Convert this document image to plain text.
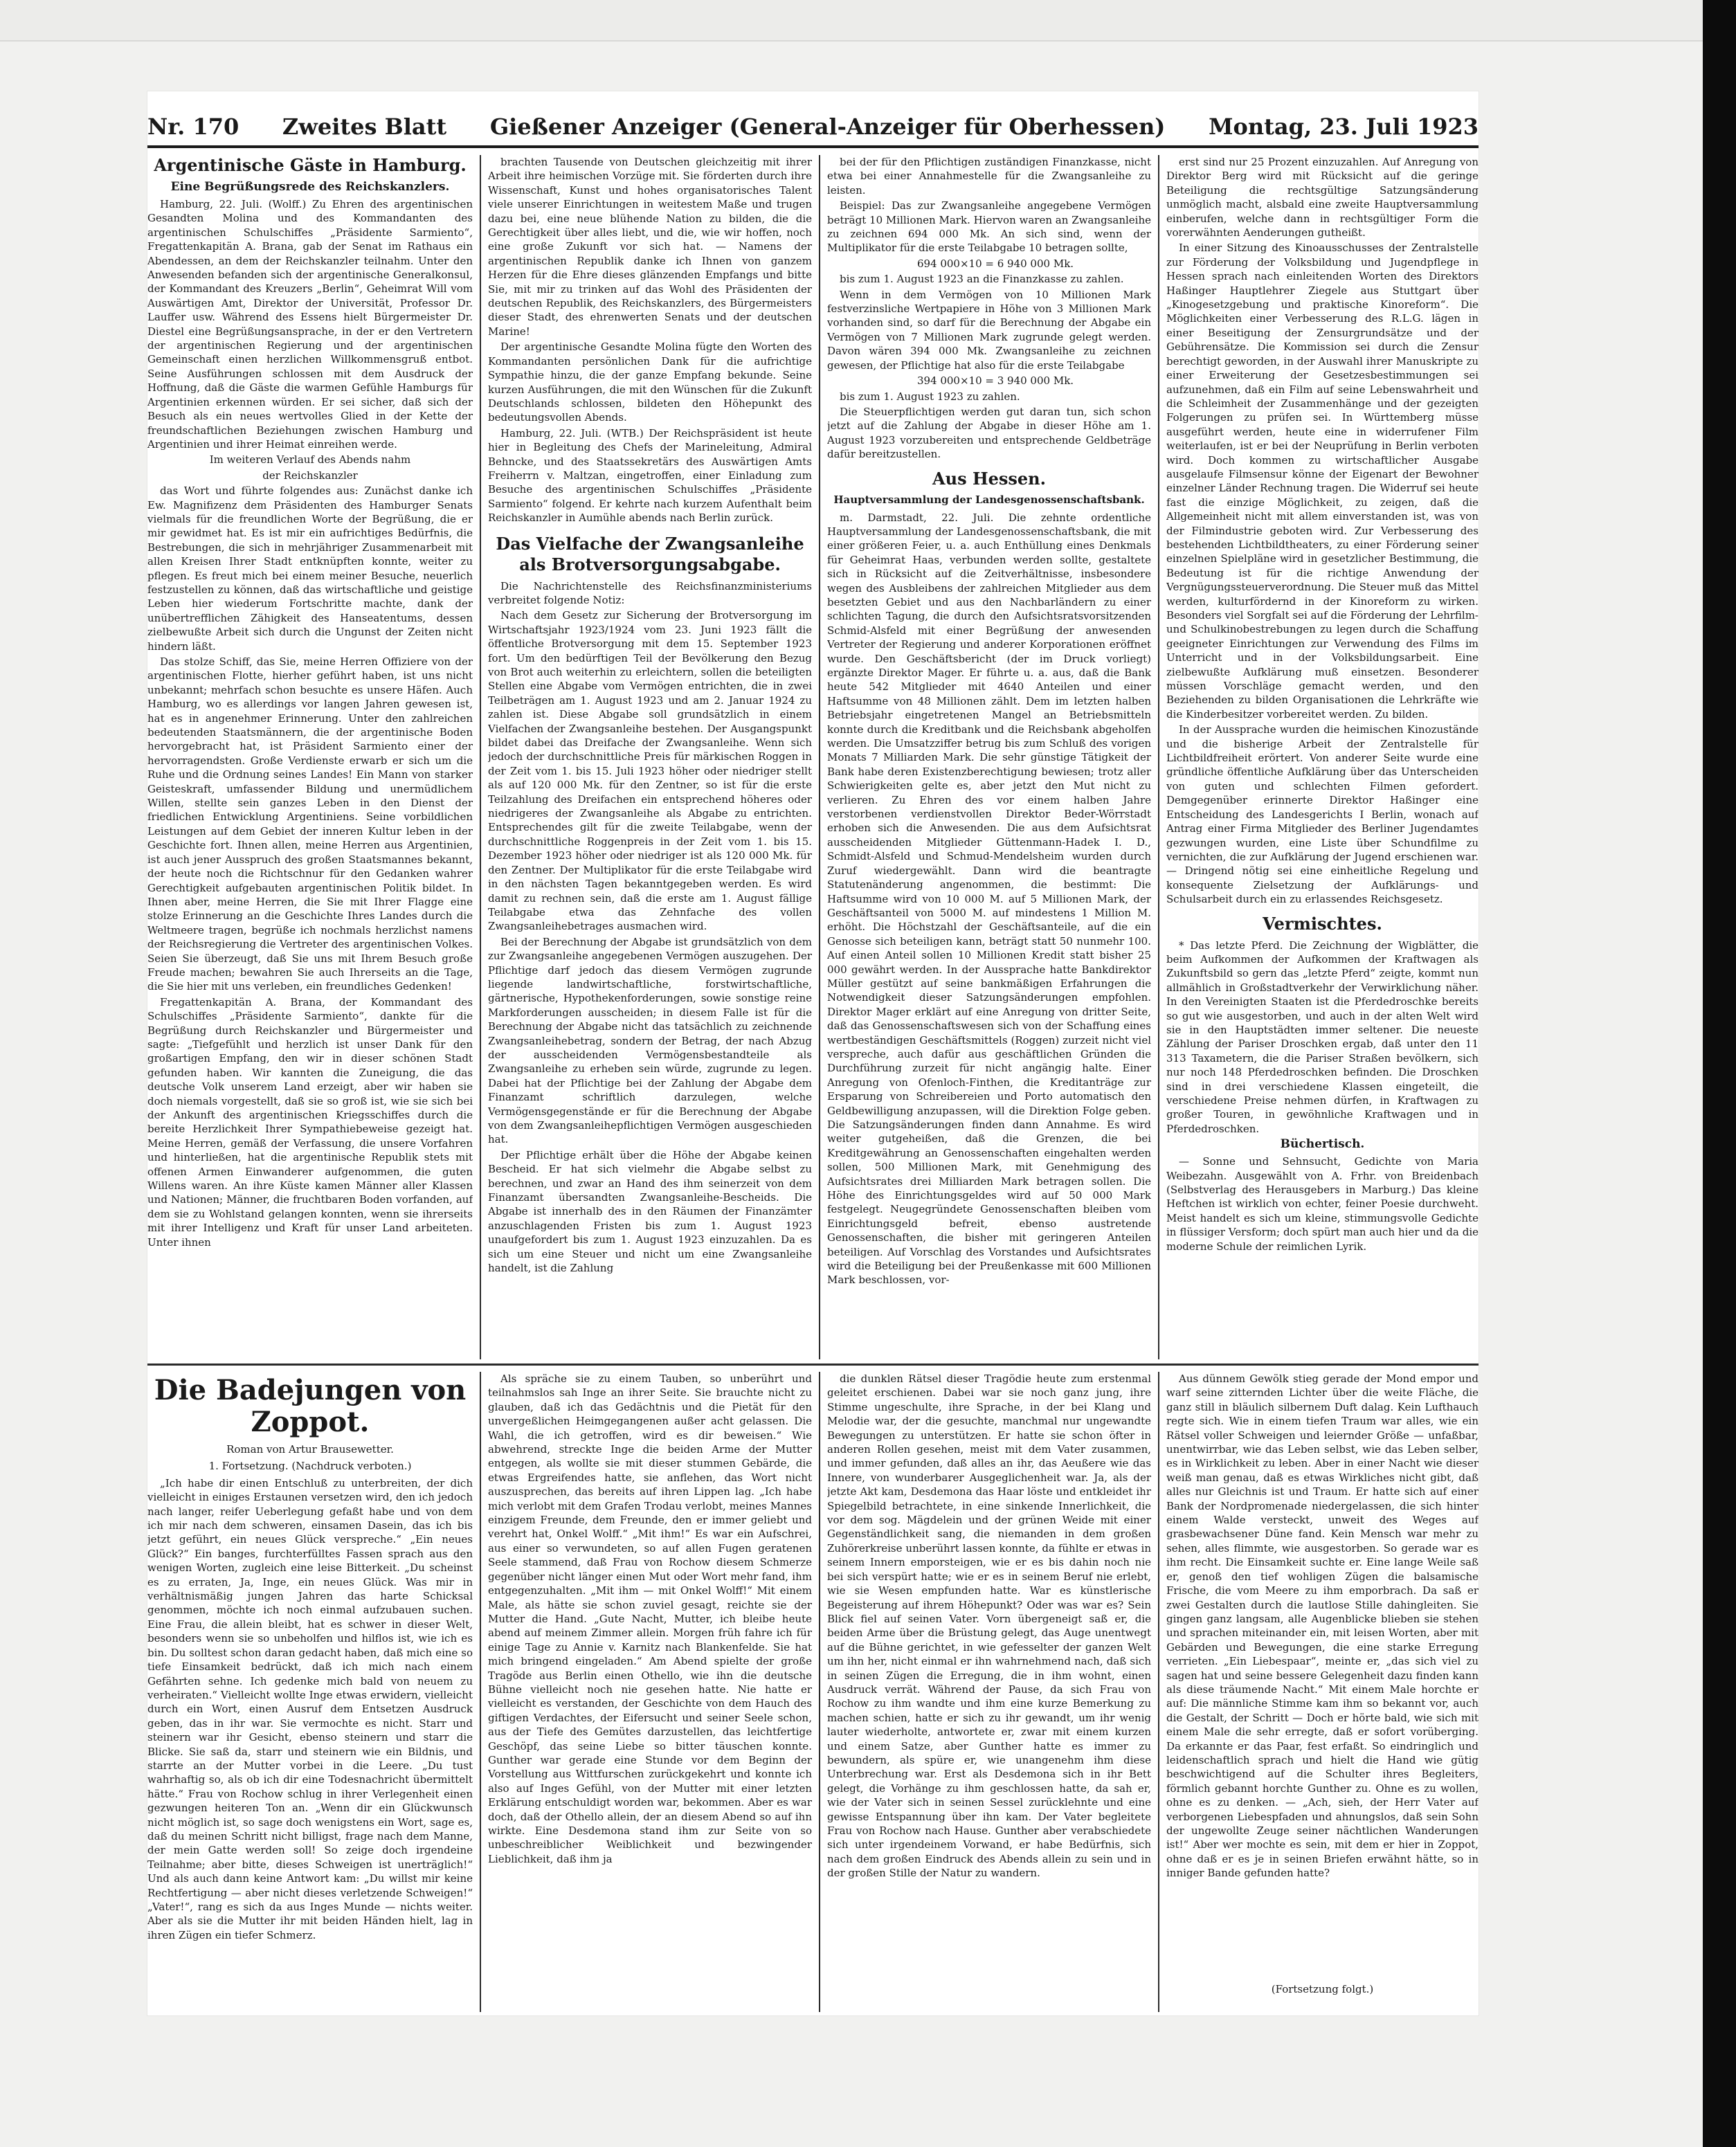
Nr. 170 Zweites Blatt Gießener Anzeiger (General-Anzeiger für Oberhessen) Montag, 23. Juli 1923
Argentinische Gäste in Hamburg.
Eine Begrüßungsrede des Reichskanzlers.

Hamburg, 22. Juli. (Wolff.) Zu Ehren des argentinischen Gesandten Molina und des Kommandanten des argentinischen Schulschiffes „Präsidente Sarmiento“, Fregattenkapitän A. Brana, gab der Senat im Rathaus ein Abendessen, an dem der Reichskanzler teilnahm. Unter den Anwesenden befanden sich der argentinische Generalkonsul, der Kommandant des Kreuzers „Berlin“, Geheimrat Will vom Auswärtigen Amt, Direktor der Universität, Professor Dr. Lauffer usw. Während des Essens hielt Bürgermeister Dr. Diestel eine Begrüßungsansprache, in der er den Vertretern der argentinischen Regierung und der argentinischen Gemeinschaft einen herzlichen Willkommensgruß entbot. Seine Ausführungen schlossen mit dem Ausdruck der Hoffnung, daß die Gäste die warmen Gefühle Hamburgs für Argentinien erkennen würden. Er sei sicher, daß sich der Besuch als ein neues wertvolles Glied in der Kette der freundschaftlichen Beziehungen zwischen Hamburg und Argentinien und ihrer Heimat einreihen werde.

Im weiteren Verlauf des Abends nahm

der Reichskanzler

das Wort und führte folgendes aus: Zunächst danke ich Ew. Magnifizenz dem Präsidenten des Hamburger Senats vielmals für die freundlichen Worte der Begrüßung, die er mir gewidmet hat. Es ist mir ein aufrichtiges Bedürfnis, die Bestrebungen, die sich in mehrjähriger Zusammenarbeit mit allen Kreisen Ihrer Stadt entknüpften konnte, weiter zu pflegen. Es freut mich bei einem meiner Besuche, neuerlich festzustellen zu können, daß das wirtschaftliche und geistige Leben hier wiederum Fortschritte machte, dank der unübertrefflichen Zähigkeit des Hanseatentums, dessen zielbewußte Arbeit sich durch die Ungunst der Zeiten nicht hindern läßt.

Das stolze Schiff, das Sie, meine Herren Offiziere von der argentinischen Flotte, hierher geführt haben, ist uns nicht unbekannt; mehrfach schon besuchte es unsere Häfen. Auch Hamburg, wo es allerdings vor langen Jahren gewesen ist, hat es in angenehmer Erinnerung. Unter den zahlreichen bedeutenden Staatsmännern, die der argentinische Boden hervorgebracht hat, ist Präsident Sarmiento einer der hervorragendsten. Große Verdienste erwarb er sich um die Ruhe und die Ordnung seines Landes! Ein Mann von starker Geisteskraft, umfassender Bildung und unermüdlichem Willen, stellte sein ganzes Leben in den Dienst der friedlichen Entwicklung Argentiniens. Seine vorbildlichen Leistungen auf dem Gebiet der inneren Kultur leben in der Geschichte fort. Ihnen allen, meine Herren aus Argentinien, ist auch jener Ausspruch des großen Staatsmannes bekannt, der heute noch die Richtschnur für den Gedanken wahrer Gerechtigkeit aufgebauten argentinischen Politik bildet. In Ihnen aber, meine Herren, die Sie mit Ihrer Flagge eine stolze Erinnerung an die Geschichte Ihres Landes durch die Weltmeere tragen, begrüße ich nochmals herzlichst namens der Reichsregierung die Vertreter des argentinischen Volkes. Seien Sie überzeugt, daß Sie uns mit Ihrem Besuch große Freude machen; bewahren Sie auch Ihrerseits an die Tage, die Sie hier mit uns verleben, ein freundliches Gedenken!

Fregattenkapitän A. Brana, der Kommandant des Schulschiffes „Präsidente Sarmiento“, dankte für die Begrüßung durch Reichskanzler und Bürgermeister und sagte: „Tiefgefühlt und herzlich ist unser Dank für den großartigen Empfang, den wir in dieser schönen Stadt gefunden haben. Wir kannten die Zuneigung, die das deutsche Volk unserem Land erzeigt, aber wir haben sie doch niemals vorgestellt, daß sie so groß ist, wie sie sich bei der Ankunft des argentinischen Kriegsschiffes durch die bereite Herzlichkeit Ihrer Sympathiebeweise gezeigt hat. Meine Herren, gemäß der Verfassung, die unsere Vorfahren und hinterließen, hat die argentinische Republik stets mit offenen Armen Einwanderer aufgenommen, die guten Willens waren. An ihre Küste kamen Männer aller Klassen und Nationen; Männer, die fruchtbaren Boden vorfanden, auf dem sie zu Wohlstand gelangen konnten, wenn sie ihrerseits mit ihrer Intelligenz und Kraft für unser Land arbeiteten. Unter ihnen

brachten Tausende von Deutschen gleichzeitig mit ihrer Arbeit ihre heimischen Vorzüge mit. Sie förderten durch ihre Wissenschaft, Kunst und hohes organisatorisches Talent viele unserer Einrichtungen in weitestem Maße und trugen dazu bei, eine neue blühende Nation zu bilden, die die Gerechtigkeit über alles liebt, und die, wie wir hoffen, noch eine große Zukunft vor sich hat. — Namens der argentinischen Republik danke ich Ihnen von ganzem Herzen für die Ehre dieses glänzenden Empfangs und bitte Sie, mit mir zu trinken auf das Wohl des Präsidenten der deutschen Republik, des Reichskanzlers, des Bürgermeisters dieser Stadt, des ehrenwerten Senats und der deutschen Marine!

Der argentinische Gesandte Molina fügte den Worten des Kommandanten persönlichen Dank für die aufrichtige Sympathie hinzu, die der ganze Empfang bekunde. Seine kurzen Ausführungen, die mit den Wünschen für die Zukunft Deutschlands schlossen, bildeten den Höhepunkt des bedeutungsvollen Abends.

Hamburg, 22. Juli. (WTB.) Der Reichspräsident ist heute hier in Begleitung des Chefs der Marineleitung, Admiral Behncke, und des Staatssekretärs des Auswärtigen Amts Freiherrn v. Maltzan, eingetroffen, einer Einladung zum Besuche des argentinischen Schulschiffes „Präsidente Sarmiento“ folgend. Er kehrte nach kurzem Aufenthalt beim Reichskanzler in Aumühle abends nach Berlin zurück.

Das Vielfache der Zwangsanleihe als Brotversorgungsabgabe.

Die Nachrichtenstelle des Reichsfinanzministeriums verbreitet folgende Notiz:

Nach dem Gesetz zur Sicherung der Brotversorgung im Wirtschaftsjahr 1923/1924 vom 23. Juni 1923 fällt die öffentliche Brotversorgung mit dem 15. September 1923 fort. Um den bedürftigen Teil der Bevölkerung den Bezug von Brot auch weiterhin zu erleichtern, sollen die beteiligten Stellen eine Abgabe vom Vermögen entrichten, die in zwei Teilbeträgen am 1. August 1923 und am 2. Januar 1924 zu zahlen ist. Diese Abgabe soll grundsätzlich in einem Vielfachen der Zwangsanleihe bestehen. Der Ausgangspunkt bildet dabei das Dreifache der Zwangsanleihe. Wenn sich jedoch der durchschnittliche Preis für märkischen Roggen in der Zeit vom 1. bis 15. Juli 1923 höher oder niedriger stellt als auf 120 000 Mk. für den Zentner, so ist für die erste Teilzahlung des Dreifachen ein entsprechend höheres oder niedrigeres der Zwangsanleihe als Abgabe zu entrichten. Entsprechendes gilt für die zweite Teilabgabe, wenn der durchschnittliche Roggenpreis in der Zeit vom 1. bis 15. Dezember 1923 höher oder niedriger ist als 120 000 Mk. für den Zentner. Der Multiplikator für die erste Teilabgabe wird in den nächsten Tagen bekanntgegeben werden. Es wird damit zu rechnen sein, daß die erste am 1. August fällige Teilabgabe etwa das Zehnfache des vollen Zwangsanleihebetrages ausmachen wird.

Bei der Berechnung der Abgabe ist grundsätzlich von dem zur Zwangsanleihe angegebenen Vermögen auszugehen. Der Pflichtige darf jedoch das diesem Vermögen zugrunde liegende landwirtschaftliche, forstwirtschaftliche, gärtnerische, Hypothekenforderungen, sowie sonstige reine Markforderungen ausscheiden; in diesem Falle ist für die Berechnung der Abgabe nicht das tatsächlich zu zeichnende Zwangsanleihebetrag, sondern der Betrag, der nach Abzug der ausscheidenden Vermögensbestandteile als Zwangsanleihe zu erheben sein würde, zugrunde zu legen. Dabei hat der Pflichtige bei der Zahlung der Abgabe dem Finanzamt schriftlich darzulegen, welche Vermögensgegenstände er für die Berechnung der Abgabe von dem Zwangsanleihepflichtigen Vermögen ausgeschieden hat.

Der Pflichtige erhält über die Höhe der Abgabe keinen Bescheid. Er hat sich vielmehr die Abgabe selbst zu berechnen, und zwar an Hand des ihm seinerzeit von dem Finanzamt übersandten Zwangsanleihe-Bescheids. Die Abgabe ist innerhalb des in den Räumen der Finanzämter anzuschlagenden Fristen bis zum 1. August 1923 unaufgefordert bis zum 1. August 1923 einzuzahlen. Da es sich um eine Steuer und nicht um eine Zwangsanleihe handelt, ist die Zahlung

bei der für den Pflichtigen zuständigen Finanzkasse, nicht etwa bei einer Annahmestelle für die Zwangsanleihe zu leisten.

Beispiel: Das zur Zwangsanleihe angegebene Vermögen beträgt 10 Millionen Mark. Hiervon waren an Zwangsanleihe zu zeichnen 694 000 Mk. An sich sind, wenn der Multiplikator für die erste Teilabgabe 10 betragen sollte,

694 000×10 = 6 940 000 Mk.

bis zum 1. August 1923 an die Finanzkasse zu zahlen.

Wenn in dem Vermögen von 10 Millionen Mark festverzinsliche Wertpapiere in Höhe von 3 Millionen Mark vorhanden sind, so darf für die Berechnung der Abgabe ein Vermögen von 7 Millionen Mark zugrunde gelegt werden. Davon wären 394 000 Mk. Zwangsanleihe zu zeichnen gewesen, der Pflichtige hat also für die erste Teilabgabe

394 000×10 = 3 940 000 Mk.

bis zum 1. August 1923 zu zahlen.

Die Steuerpflichtigen werden gut daran tun, sich schon jetzt auf die Zahlung der Abgabe in dieser Höhe am 1. August 1923 vorzubereiten und entsprechende Geldbeträge dafür bereitzustellen.

Aus Hessen.
Hauptversammlung der Landesgenossenschaftsbank.

m. Darmstadt, 22. Juli. Die zehnte ordentliche Hauptversammlung der Landesgenossenschaftsbank, die mit einer größeren Feier, u. a. auch Enthüllung eines Denkmals für Geheimrat Haas, verbunden werden sollte, gestaltete sich in Rücksicht auf die Zeitverhältnisse, insbesondere wegen des Ausbleibens der zahlreichen Mitglieder aus dem besetzten Gebiet und aus den Nachbarländern zu einer schlichten Tagung, die durch den Aufsichtsratsvorsitzenden Schmid-Alsfeld mit einer Begrüßung der anwesenden Vertreter der Regierung und anderer Korporationen eröffnet wurde. Den Geschäftsbericht (der im Druck vorliegt) ergänzte Direktor Mager. Er führte u. a. aus, daß die Bank heute 542 Mitglieder mit 4640 Anteilen und einer Haftsumme von 48 Millionen zählt. Dem im letzten halben Betriebsjahr eingetretenen Mangel an Betriebsmitteln konnte durch die Kreditbank und die Reichsbank abgeholfen werden. Die Umsatzziffer betrug bis zum Schluß des vorigen Monats 7 Milliarden Mark. Die sehr günstige Tätigkeit der Bank habe deren Existenzberechtigung bewiesen; trotz aller Schwierigkeiten gelte es, aber jetzt den Mut nicht zu verlieren. Zu Ehren des vor einem halben Jahre verstorbenen verdienstvollen Direktor Beder-Wörrstadt erhoben sich die Anwesenden. Die aus dem Aufsichtsrat ausscheidenden Mitglieder Güttenmann-Hadek I. D., Schmidt-Alsfeld und Schmud-Mendelsheim wurden durch Zuruf wiedergewählt. Dann wird die beantragte Statutenänderung angenommen, die bestimmt: Die Haftsumme wird von 10 000 M. auf 5 Millionen Mark, der Geschäftsanteil von 5000 M. auf mindestens 1 Million M. erhöht. Die Höchstzahl der Geschäftsanteile, auf die ein Genosse sich beteiligen kann, beträgt statt 50 nunmehr 100. Auf einen Anteil sollen 10 Millionen Kredit statt bisher 25 000 gewährt werden. In der Aussprache hatte Bankdirektor Müller gestützt auf seine bankmäßigen Erfahrungen die Notwendigkeit dieser Satzungsänderungen empfohlen. Direktor Mager erklärt auf eine Anregung von dritter Seite, daß das Genossenschaftswesen sich von der Schaffung eines wertbeständigen Geschäftsmittels (Roggen) zurzeit nicht viel verspreche, auch dafür aus geschäftlichen Gründen die Durchführung zurzeit für nicht angängig halte. Einer Anregung von Ofenloch-Finthen, die Kreditanträge zur Ersparung von Schreibereien und Porto automatisch den Geldbewilligung anzupassen, will die Direktion Folge geben. Die Satzungsänderungen finden dann Annahme. Es wird weiter gutgeheißen, daß die Grenzen, die bei Kreditgewährung an Genossenschaften eingehalten werden sollen, 500 Millionen Mark, mit Genehmigung des Aufsichtsrates drei Milliarden Mark betragen sollen. Die Höhe des Einrichtungsgeldes wird auf 50 000 Mark festgelegt. Neugegründete Genossenschaften bleiben vom Einrichtungsgeld befreit, ebenso austretende Genossenschaften, die bisher mit geringeren Anteilen beteiligen. Auf Vorschlag des Vorstandes und Aufsichtsrates wird die Beteiligung bei der Preußenkasse mit 600 Millionen Mark beschlossen, vor-

erst sind nur 25 Prozent einzuzahlen. Auf Anregung von Direktor Berg wird mit Rücksicht auf die geringe Beteiligung die rechtsgültige Satzungsänderung unmöglich macht, alsbald eine zweite Hauptversammlung einberufen, welche dann in rechtsgültiger Form die vorerwähnten Aenderungen gutheißt.

In einer Sitzung des Kinoausschusses der Zentralstelle zur Förderung der Volksbildung und Jugendpflege in Hessen sprach nach einleitenden Worten des Direktors Haßinger Hauptlehrer Ziegele aus Stuttgart über „Kinogesetzgebung und praktische Kinoreform“. Die Möglichkeiten einer Verbesserung des R.L.G. lägen in einer Beseitigung der Zensurgrundsätze und der Gebührensätze. Die Kommission sei durch die Zensur berechtigt geworden, in der Auswahl ihrer Manuskripte zu einer Erweiterung der Gesetzesbestimmungen sei aufzunehmen, daß ein Film auf seine Lebenswahrheit und die Schleimheit der Zusammenhänge und der gezeigten Folgerungen zu prüfen sei. In Württemberg müsse ausgeführt werden, heute eine in widerrufener Film weiterlaufen, ist er bei der Neuprüfung in Berlin verboten wird. Doch kommen zu wirtschaftlicher Ausgabe ausgelaufe Filmsensur könne der Eigenart der Bewohner einzelner Länder Rechnung tragen. Die Widerruf sei heute fast die einzige Möglichkeit, zu zeigen, daß die Allgemeinheit nicht mit allem einverstanden ist, was von der Filmindustrie geboten wird. Zur Verbesserung des bestehenden Lichtbildtheaters, zu einer Förderung seiner einzelnen Spielpläne wird in gesetzlicher Bestimmung, die Bedeutung ist für die richtige Anwendung der Vergnügungssteuerverordnung. Die Steuer muß das Mittel werden, kulturfördernd in der Kinoreform zu wirken. Besonders viel Sorgfalt sei auf die Förderung der Lehrfilm- und Schulkinobestrebungen zu legen durch die Schaffung geeigneter Einrichtungen zur Verwendung des Films im Unterricht und in der Volksbildungsarbeit. Eine zielbewußte Aufklärung muß einsetzen. Besonderer müssen Vorschläge gemacht werden, und den Beziehenden zu bilden Organisationen die Lehrkräfte wie die Kinderbesitzer vorbereitet werden. Zu bilden.

In der Aussprache wurden die heimischen Kinozustände und die bisherige Arbeit der Zentralstelle für Lichtbildfreiheit erörtert. Von anderer Seite wurde eine gründliche öffentliche Aufklärung über das Unterscheiden von guten und schlechten Filmen gefordert. Demgegenüber erinnerte Direktor Haßinger eine Entscheidung des Landesgerichts I Berlin, wonach auf Antrag einer Firma Mitglieder des Berliner Jugendamtes gezwungen wurden, eine Liste über Schundfilme zu vernichten, die zur Aufklärung der Jugend erschienen war. — Dringend nötig sei eine einheitliche Regelung und konsequente Zielsetzung der Aufklärungs- und Schulsarbeit durch ein zu erlassendes Reichsgesetz.

Vermischtes.

* Das letzte Pferd. Die Zeichnung der Wigblätter, die beim Aufkommen der Aufkommen der Kraftwagen als Zukunftsbild so gern das „letzte Pferd“ zeigte, kommt nun allmählich in Großstadtverkehr der Verwirklichung näher. In den Vereinigten Staaten ist die Pferdedroschke bereits so gut wie ausgestorben, und auch in der alten Welt wird sie in den Hauptstädten immer seltener. Die neueste Zählung der Pariser Droschken ergab, daß unter den 11 313 Taxametern, die die Pariser Straßen bevölkern, sich nur noch 148 Pferdedroschken befinden. Die Droschken sind in drei verschiedene Klassen eingeteilt, die verschiedene Preise nehmen dürfen, in Kraftwagen zu großer Touren, in gewöhnliche Kraftwagen und in Pferdedroschken.

Büchertisch.

— Sonne und Sehnsucht, Gedichte von Maria Weibezahn. Ausgewählt von A. Frhr. von Breidenbach (Selbstverlag des Herausgebers in Marburg.) Das kleine Heftchen ist wirklich von echter, feiner Poesie durchweht. Meist handelt es sich um kleine, stimmungsvolle Gedichte in flüssiger Versform; doch spürt man auch hier und da die moderne Schule der reimlichen Lyrik.

Die Badejungen von Zoppot.
Roman von Artur Brausewetter.
1. Fortsetzung. (Nachdruck verboten.)

„Ich habe dir einen Entschluß zu unterbreiten, der dich vielleicht in einiges Erstaunen versetzen wird, den ich jedoch nach langer, reifer Ueberlegung gefaßt habe und von dem ich mir nach dem schweren, einsamen Dasein, das ich bis jetzt geführt, ein neues Glück verspreche.“ „Ein neues Glück?“ Ein banges, furchterfülltes Fassen sprach aus den wenigen Worten, zugleich eine leise Bitterkeit. „Du scheinst es zu erraten, Ja, Inge, ein neues Glück. Was mir in verhältnismäßig jungen Jahren das harte Schicksal genommen, möchte ich noch einmal aufzubauen suchen. Eine Frau, die allein bleibt, hat es schwer in dieser Welt, besonders wenn sie so unbeholfen und hilflos ist, wie ich es bin. Du solltest schon daran gedacht haben, daß mich eine so tiefe Einsamkeit bedrückt, daß ich mich nach einem Gefährten sehne. Ich gedenke mich bald von neuem zu verheiraten.“ Vielleicht wollte Inge etwas erwidern, vielleicht durch ein Wort, einen Ausruf dem Entsetzen Ausdruck geben, das in ihr war. Sie vermochte es nicht. Starr und steinern war ihr Gesicht, ebenso steinern und starr die Blicke. Sie saß da, starr und steinern wie ein Bildnis, und starrte an der Mutter vorbei in die Leere. „Du tust wahrhaftig so, als ob ich dir eine Todesnachricht übermittelt hätte.“ Frau von Rochow schlug in ihrer Verlegenheit einen gezwungen heiteren Ton an. „Wenn dir ein Glückwunsch nicht möglich ist, so sage doch wenigstens ein Wort, sage es, daß du meinen Schritt nicht billigst, frage nach dem Manne, der mein Gatte werden soll! So zeige doch irgendeine Teilnahme; aber bitte, dieses Schweigen ist unerträglich!“ Und als auch dann keine Antwort kam: „Du willst mir keine Rechtfertigung — aber nicht dieses verletzende Schweigen!“ „Vater!“, rang es sich da aus Inges Munde — nichts weiter. Aber als sie die Mutter ihr mit beiden Händen hielt, lag in ihren Zügen ein tiefer Schmerz.

Als spräche sie zu einem Tauben, so unberührt und teilnahmslos sah Inge an ihrer Seite. Sie brauchte nicht zu glauben, daß ich das Gedächtnis und die Pietät für den unvergeßlichen Heimgegangenen außer acht gelassen. Die Wahl, die ich getroffen, wird es dir beweisen.“ Wie abwehrend, streckte Inge die beiden Arme der Mutter entgegen, als wollte sie mit dieser stummen Gebärde, die etwas Ergreifendes hatte, sie anflehen, das Wort nicht auszusprechen, das bereits auf ihren Lippen lag. „Ich habe mich verlobt mit dem Grafen Trodau verlobt, meines Mannes einzigem Freunde, dem Freunde, den er immer geliebt und verehrt hat, Onkel Wolff.“ „Mit ihm!“ Es war ein Aufschrei, aus einer so verwundeten, so auf allen Fugen geratenen Seele stammend, daß Frau von Rochow diesem Schmerze gegenüber nicht länger einen Mut oder Wort mehr fand, ihm entgegenzuhalten. „Mit ihm — mit Onkel Wolff!“ Mit einem Male, als hätte sie schon zuviel gesagt, reichte sie der Mutter die Hand. „Gute Nacht, Mutter, ich bleibe heute abend auf meinem Zimmer allein. Morgen früh fahre ich für einige Tage zu Annie v. Karnitz nach Blankenfelde. Sie hat mich bringend eingeladen.“ Am Abend spielte der große Tragöde aus Berlin einen Othello, wie ihn die deutsche Bühne vielleicht noch nie gesehen hatte. Nie hatte er vielleicht es verstanden, der Geschichte von dem Hauch des giftigen Verdachtes, der Eifersucht und seiner Seele schon, aus der Tiefe des Gemütes darzustellen, das leichtfertige Geschöpf, das seine Liebe so bitter täuschen konnte. Gunther war gerade eine Stunde vor dem Beginn der Vorstellung aus Wittfurschen zurückgekehrt und konnte ich also auf Inges Gefühl, von der Mutter mit einer letzten Erklärung entschuldigt worden war, bekommen. Aber es war doch, daß der Othello allein, der an diesem Abend so auf ihn wirkte. Eine Desdemona stand ihm zur Seite von so unbeschreiblicher Weiblichkeit und bezwingender Lieblichkeit, daß ihm ja

die dunklen Rätsel dieser Tragödie heute zum erstenmal geleitet erschienen. Dabei war sie noch ganz jung, ihre Stimme ungeschulte, ihre Sprache, in der bei Klang und Melodie war, der die gesuchte, manchmal nur ungewandte Bewegungen zu unterstützen. Er hatte sie schon öfter in anderen Rollen gesehen, meist mit dem Vater zusammen, und immer gefunden, daß alles an ihr, das Aeußere wie das Innere, von wunderbarer Ausgeglichenheit war. Ja, als der jetzte Akt kam, Desdemona das Haar löste und entkleidet ihr Spiegelbild betrachtete, in eine sinkende Innerlichkeit, die vor dem sog. Mägdelein und der grünen Weide mit einer Gegenständlichkeit sang, die niemanden in dem großen Zuhörerkreise unberührt lassen konnte, da fühlte er etwas in seinem Innern emporsteigen, wie er es bis dahin noch nie bei sich verspürt hatte; wie er es in seinem Beruf nie erlebt, wie sie Wesen empfunden hatte. War es künstlerische Begeisterung auf ihrem Höhepunkt? Oder was war es? Sein Blick fiel auf seinen Vater. Vorn übergeneigt saß er, die beiden Arme über die Brüstung gelegt, das Auge unentwegt auf die Bühne gerichtet, in wie gefesselter der ganzen Welt um ihn her, nicht einmal er ihn wahrnehmend nach, daß sich in seinen Zügen die Erregung, die in ihm wohnt, einen Ausdruck verrät. Während der Pause, da sich Frau von Rochow zu ihm wandte und ihm eine kurze Bemerkung zu machen schien, hatte er sich zu ihr gewandt, um ihr wenig lauter wiederholte, antwortete er, zwar mit einem kurzen und einem Satze, aber Gunther hatte es immer zu bewundern, als spüre er, wie unangenehm ihm diese Unterbrechung war. Erst als Desdemona sich in ihr Bett gelegt, die Vorhänge zu ihm geschlossen hatte, da sah er, wie der Vater sich in seinen Sessel zurücklehnte und eine gewisse Entspannung über ihn kam. Der Vater begleitete Frau von Rochow nach Hause. Gunther aber verabschiedete sich unter irgendeinem Vorwand, er habe Bedürfnis, sich nach dem großen Eindruck des Abends allein zu sein und in der großen Stille der Natur zu wandern.

Aus dünnem Gewölk stieg gerade der Mond empor und warf seine zitternden Lichter über die weite Fläche, die ganz still in bläulich silbernem Duft dalag. Kein Lufthauch regte sich. Wie in einem tiefen Traum war alles, wie ein Rätsel voller Schweigen und leiernder Größe — unfaßbar, unentwirrbar, wie das Leben selbst, wie das Leben selber, es in Wirklichkeit zu leben. Aber in einer Nacht wie dieser weiß man genau, daß es etwas Wirkliches nicht gibt, daß alles nur Gleichnis ist und Traum. Er hatte sich auf einer Bank der Nordpromenade niedergelassen, die sich hinter einem Walde versteckt, unweit des Weges auf grasbewachsener Düne fand. Kein Mensch war mehr zu sehen, alles flimmte, wie ausgestorben. So gerade war es ihm recht. Die Einsamkeit suchte er. Eine lange Weile saß er, genoß den tief wohligen Zügen die balsamische Frische, die vom Meere zu ihm emporbrach. Da saß er zwei Gestalten durch die lautlose Stille dahingleiten. Sie gingen ganz langsam, alle Augenblicke blieben sie stehen und sprachen miteinander ein, mit leisen Worten, aber mit Gebärden und Bewegungen, die eine starke Erregung verrieten. „Ein Liebespaar“, meinte er, „das sich viel zu sagen hat und seine bessere Gelegenheit dazu finden kann als diese träumende Nacht.“ Mit einem Male horchte er auf: Die männliche Stimme kam ihm so bekannt vor, auch die Gestalt, der Schritt — Doch er hörte bald, wie sich mit einem Male die sehr erregte, daß er sofort vorüberging. Da erkannte er das Paar, fest erfaßt. So eindringlich und leidenschaftlich sprach und hielt die Hand wie gütig beschwichtigend auf die Schulter ihres Begleiters, förmlich gebannt horchte Gunther zu. Ohne es zu wollen, ohne es zu denken. — „Ach, sieh, der Herr Vater auf verborgenen Liebespfaden und ahnungslos, daß sein Sohn der ungewollte Zeuge seiner nächtlichen Wanderungen ist!“ Aber wer mochte es sein, mit dem er hier in Zoppot, ohne daß er es je in seinen Briefen erwähnt hätte, so in inniger Bande gefunden hatte?

(Fortsetzung folgt.)
